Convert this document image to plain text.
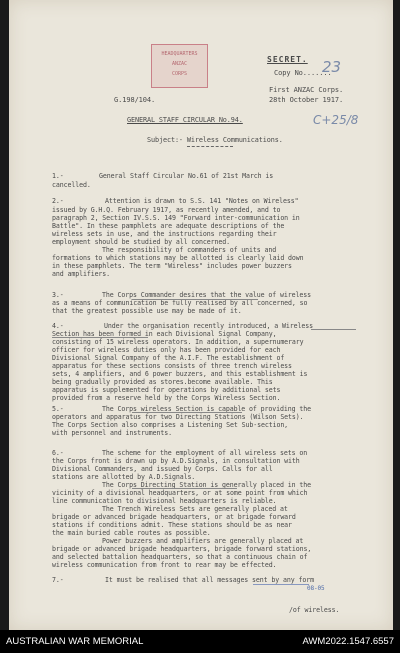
HEADQUARTERS
ANZAC
CORPS
SECRET.
Copy No.......
23
G.198/104.
First ANZAC Corps.
28th October 1917.
GENERAL STAFF CIRCULAR No.94.	C+25/8
Subject:- Wireless Communications.
1.-	General Staff Circular No.61 of 21st March is
cancelled.
2.-	Attention is drawn to S.S. 141 "Notes on Wireless"
issued by G.H.Q. February 1917, as recently amended, and to
paragraph 2, Section IV.S.S. 149 "Forward inter-communication in
Battle". In these pamphlets are adequate descriptions of the
wireless sets in use, and the instructions regarding their
employment should be studied by all concerned.
The responsibility of commanders of units and
formations to which stations may be allotted is clearly laid down
in these pamphlets. The term "Wireless" includes power buzzers
and amplifiers.
3.-	The Corps Commander desires that the value of wireless
as a means of communication be fully realised by all concerned, so
that the greatest possible use may be made of it.
4.-	Under the organisation recently introduced, a Wireless
Section has been formed in each Divisional Signal Company,
consisting of 15 wireless operators. In addition, a supernumerary
officer for wireless duties only has been provided for each
Divisional Signal Company of the A.I.F. The establishment of
apparatus for these sections consists of three trench wireless
sets, 4 amplifiers, and 6 power buzzers, and this establishment is
being gradually provided as stores.become available. This
apparatus is supplemented for operations by additional sets
provided from a reserve held by the Corps Wireless Section.
5.-	The Corps wireless Section is capable of providing the
operators and apparatus for two Directing Stations (Wilson Sets).
The Corps Section also comprises a Listening Set Sub-section,
with personnel and instruments.
6.-	The scheme for the employment of all wireless sets on
the Corps front is drawn up by A.D.Signals, in consultation with
Divisional Commanders, and issued by Corps. Calls for all
stations are allotted by A.D.Signals.
The Corps Directing Station is generally placed in the
vicinity of a divisional headquarters, or at some point from which
line communication to divisional headquarters is reliable.
The Trench Wireless Sets are generally placed at
brigade or advanced brigade headquarters, or at brigade forward
stations if conditions admit. These stations should be as near
the main buried cable routes as possible.
Power buzzers and amplifiers are generally placed at
brigade or advanced brigade headquarters, brigade forward stations,
and selected battalion headquarters, so that a continuous chain of
wireless communication from front to rear may be effected.
7.-	It must be realised that all messages sent by any form
08-05
/of wireless.
AUSTRALIAN WAR MEMORIAL	AWM2022.1547.6557
